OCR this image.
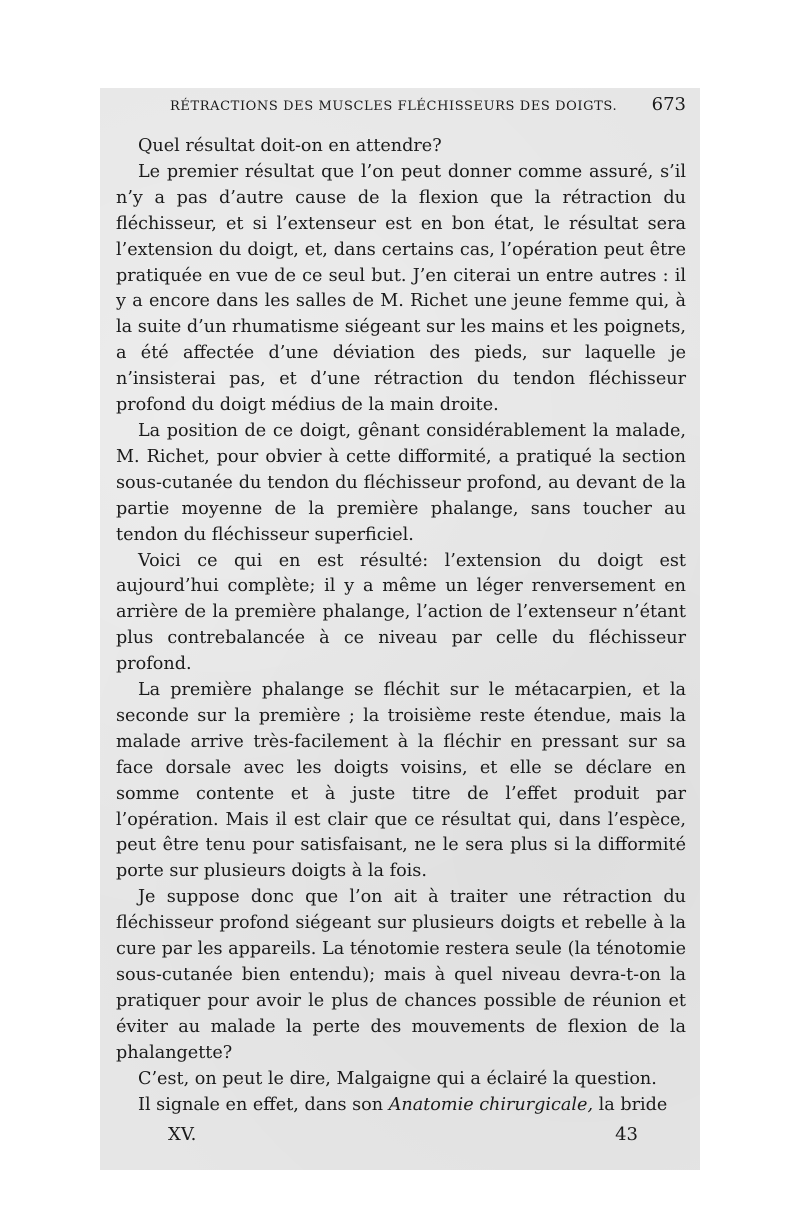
RÉTRACTIONS DES MUSCLES FLÉCHISSEURS DES DOIGTS. 673

Quel résultat doit-on en attendre?

Le premier résultat que l’on peut donner comme assuré, s’il n’y a pas d’autre cause de la flexion que la rétraction du fléchisseur, et si l’extenseur est en bon état, le résultat sera l’extension du doigt, et, dans certains cas, l’opération peut être pratiquée en vue de ce seul but. J’en citerai un entre autres : il y a encore dans les salles de M. Richet une jeune femme qui, à la suite d’un rhumatisme siégeant sur les mains et les poignets, a été affectée d’une déviation des pieds, sur laquelle je n’insisterai pas, et d’une rétraction du tendon fléchisseur profond du doigt médius de la main droite.

La position de ce doigt, gênant considérablement la malade, M. Richet, pour obvier à cette difformité, a pratiqué la section sous-cutanée du tendon du fléchisseur profond, au devant de la partie moyenne de la première phalange, sans toucher au tendon du fléchisseur superficiel.

Voici ce qui en est résulté: l’extension du doigt est aujourd’hui complète; il y a même un léger renversement en arrière de la première phalange, l’action de l’extenseur n’étant plus contrebalancée à ce niveau par celle du fléchisseur profond.

La première phalange se fléchit sur le métacarpien, et la seconde sur la première ; la troisième reste étendue, mais la malade arrive très-facilement à la fléchir en pressant sur sa face dorsale avec les doigts voisins, et elle se déclare en somme contente et à juste titre de l’effet produit par l’opération. Mais il est clair que ce résultat qui, dans l’espèce, peut être tenu pour satisfaisant, ne le sera plus si la difformité porte sur plusieurs doigts à la fois.

Je suppose donc que l’on ait à traiter une rétraction du fléchisseur profond siégeant sur plusieurs doigts et rebelle à la cure par les appareils. La ténotomie restera seule (la ténotomie sous-cutanée bien entendu); mais à quel niveau devra-t-on la pratiquer pour avoir le plus de chances possible de réunion et éviter au malade la perte des mouvements de flexion de la phalangette?

C’est, on peut le dire, Malgaigne qui a éclairé la question.

Il signale en effet, dans son Anatomie chirurgicale, la bride

XV.	43
